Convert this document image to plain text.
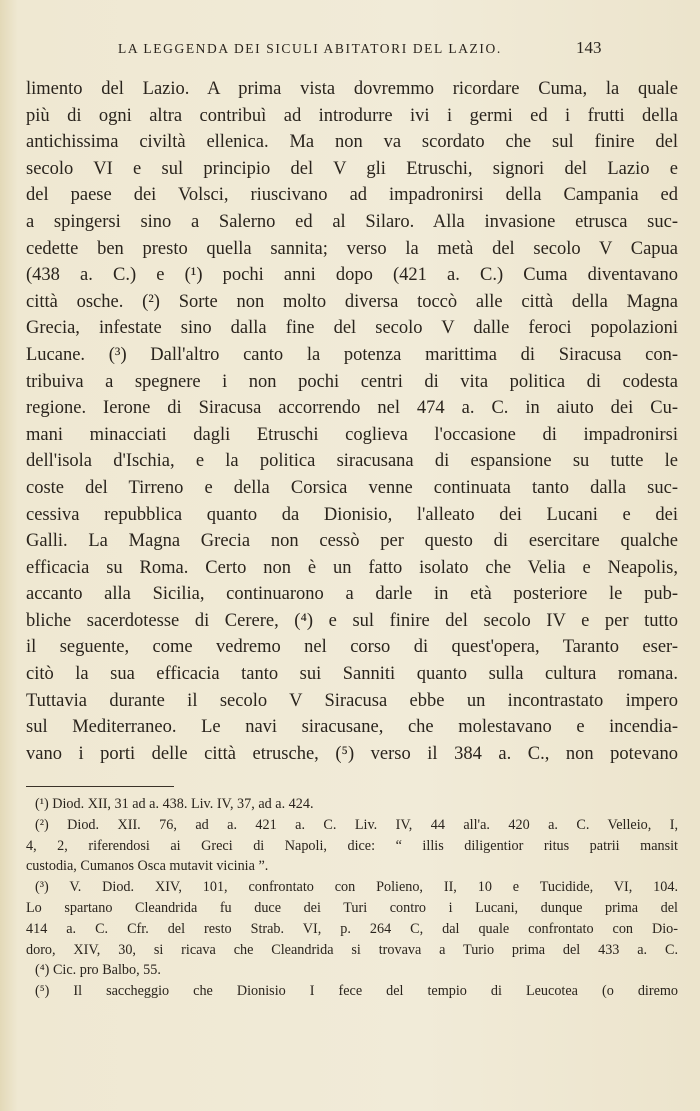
LA LEGGENDA DEI SICULI ABITATORI DEL LAZIO.	143
limento del Lazio. A prima vista dovremmo ricordare Cuma, la quale
più di ogni altra contribuì ad introdurre ivi i germi ed i frutti della
antichissima civiltà ellenica. Ma non va scordato che sul finire del
secolo VI e sul principio del V gli Etruschi, signori del Lazio e
del paese dei Volsci, riuscivano ad impadronirsi della Campania ed
a spingersi sino a Salerno ed al Silaro. Alla invasione etrusca suc-
cedette ben presto quella sannita; verso la metà del secolo V Capua
(438 a. C.) e (¹) pochi anni dopo (421 a. C.) Cuma diventavano
città osche. (²) Sorte non molto diversa toccò alle città della Magna
Grecia, infestate sino dalla fine del secolo V dalle feroci popolazioni
Lucane. (³) Dall'altro canto la potenza marittima di Siracusa con-
tribuiva a spegnere i non pochi centri di vita politica di codesta
regione. Ierone di Siracusa accorrendo nel 474 a. C. in aiuto dei Cu-
mani minacciati dagli Etruschi coglieva l'occasione di impadronirsi
dell'isola d'Ischia, e la politica siracusana di espansione su tutte le
coste del Tirreno e della Corsica venne continuata tanto dalla suc-
cessiva repubblica quanto da Dionisio, l'alleato dei Lucani e dei
Galli. La Magna Grecia non cessò per questo di esercitare qualche
efficacia su Roma. Certo non è un fatto isolato che Velia e Neapolis,
accanto alla Sicilia, continuarono a darle in età posteriore le pub-
bliche sacerdotesse di Cerere, (⁴) e sul finire del secolo IV e per tutto
il seguente, come vedremo nel corso di quest'opera, Taranto eser-
citò la sua efficacia tanto sui Sanniti quanto sulla cultura romana.
Tuttavia durante il secolo V Siracusa ebbe un incontrastato impero
sul Mediterraneo. Le navi siracusane, che molestavano e incendia-
vano i porti delle città etrusche, (⁵) verso il 384 a. C., non potevano
(¹) Diod. XII, 31 ad a. 438. Liv. IV, 37, ad a. 424.
(²) Diod. XII. 76, ad a. 421 a. C. Liv. IV, 44 all'a. 420 a. C. Velleio, I,
4, 2, riferendosi ai Greci di Napoli, dice: “ illis diligentior ritus patrii mansit
custodia, Cumanos Osca mutavit vicinia ”.
(³) V. Diod. XIV, 101, confrontato con Polieno, II, 10 e Tucidide, VI, 104.
Lo spartano Cleandrida fu duce dei Turi contro i Lucani, dunque prima del
414 a. C. Cfr. del resto Strab. VI, p. 264 C, dal quale confrontato con Dio-
doro, XIV, 30, si ricava che Cleandrida si trovava a Turio prima del 433 a. C.
(⁴) Cic. pro Balbo, 55.
(⁵) Il saccheggio che Dionisio I fece del tempio di Leucotea (o diremo
